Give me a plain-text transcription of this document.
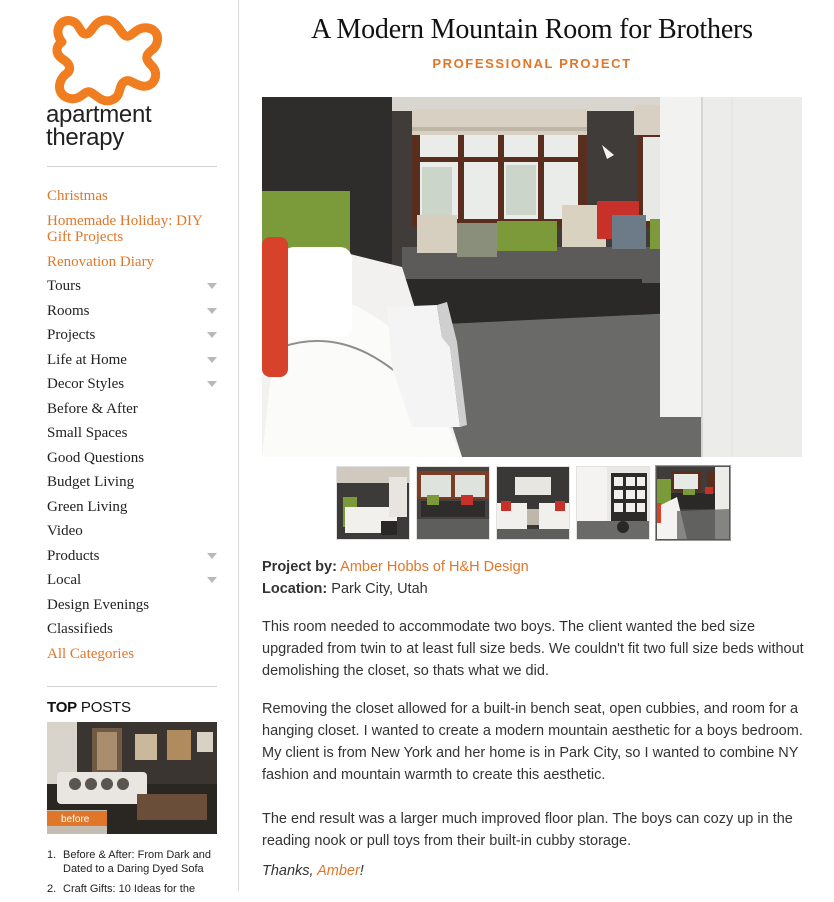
apartment
therapy
Christmas
Homemade Holiday: DIY Gift Projects
Renovation Diary
Tours
Rooms
Projects
Life at Home
Decor Styles
Before & After
Small Spaces
Good Questions
Budget Living
Green Living
Video
Products
Local
Design Evenings
Classifieds
All Categories
TOP POSTS
before
1. Before & After: From Dark and Dated to a Daring Dyed Sofa
2. Craft Gifts: 10 Ideas for the
A Modern Mountain Room for Brothers
PROFESSIONAL PROJECT

Project by: Amber Hobbs of H&H Design
Location: Park City, Utah

This room needed to accommodate two boys. The client wanted the bed size upgraded from twin to at least full size beds. We couldn't fit two full size beds without demolishing the closet, so thats what we did.

Removing the closet allowed for a built-in bench seat, open cubbies, and room for a hanging closet. I wanted to create a modern mountain aesthetic for a boys bedroom. My client is from New York and her home is in Park City, so I wanted to combine NY fashion and mountain warmth to create this aesthetic.

The end result was a larger much improved floor plan. The boys can cozy up in the reading nook or pull toys from their built-in cubby storage.

Thanks, Amber!
